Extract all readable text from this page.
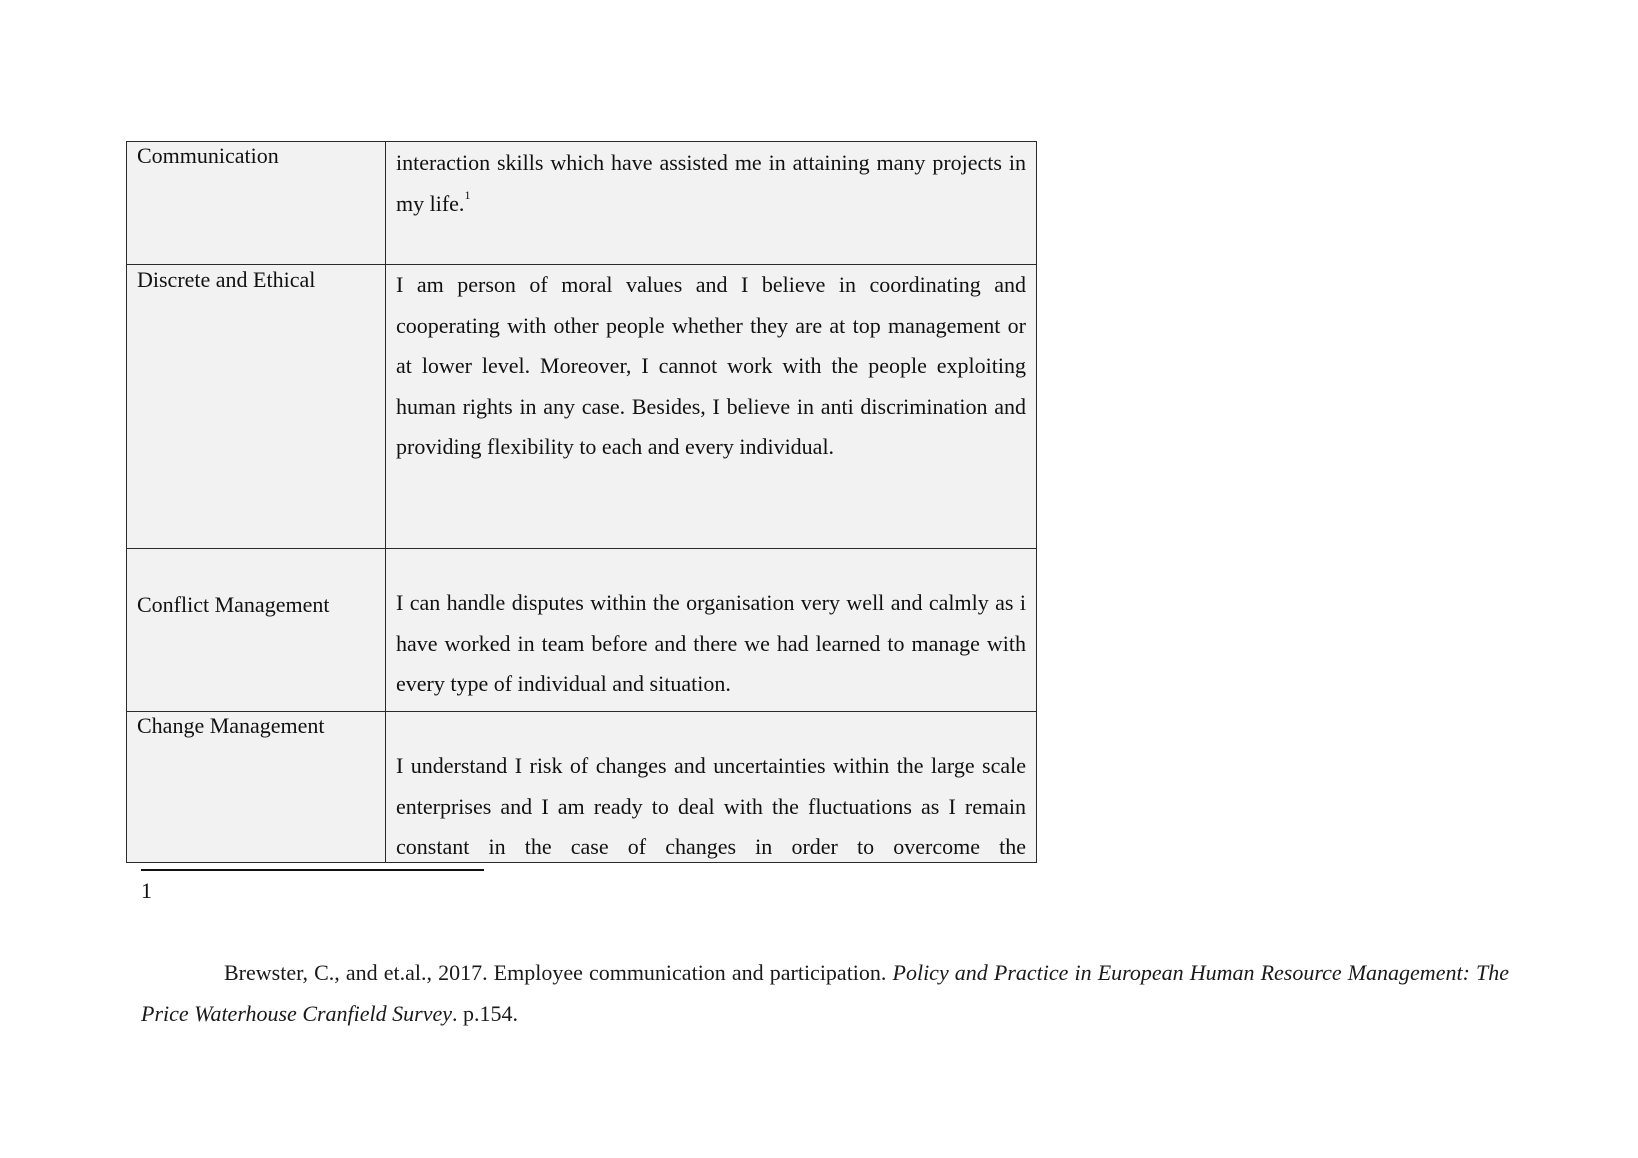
Communication	interaction skills which have assisted me in attaining many projects in my life.$^1$

Discrete and Ethical	I am person of moral values and I believe in coordinating and cooperating with other people whether they are at top management or at lower level. Moreover, I cannot work with the people exploiting human rights in any case. Besides, I believe in anti discrimination and providing flexibility to each and every individual.

Conflict Management	I can handle disputes within the organisation very well and calmly as i have worked in team before and there we had learned to manage with every type of individual and situation.

Change Management	I understand I risk of changes and uncertainties within the large scale enterprises and I am ready to deal with the fluctuations as I remain constant in the case of changes in order to overcome the
1
Brewster, C., and et.al., 2017. Employee communication and participation. Policy and Practice in European Human Resource Management: The Price Waterhouse Cranfield Survey. p.154.
